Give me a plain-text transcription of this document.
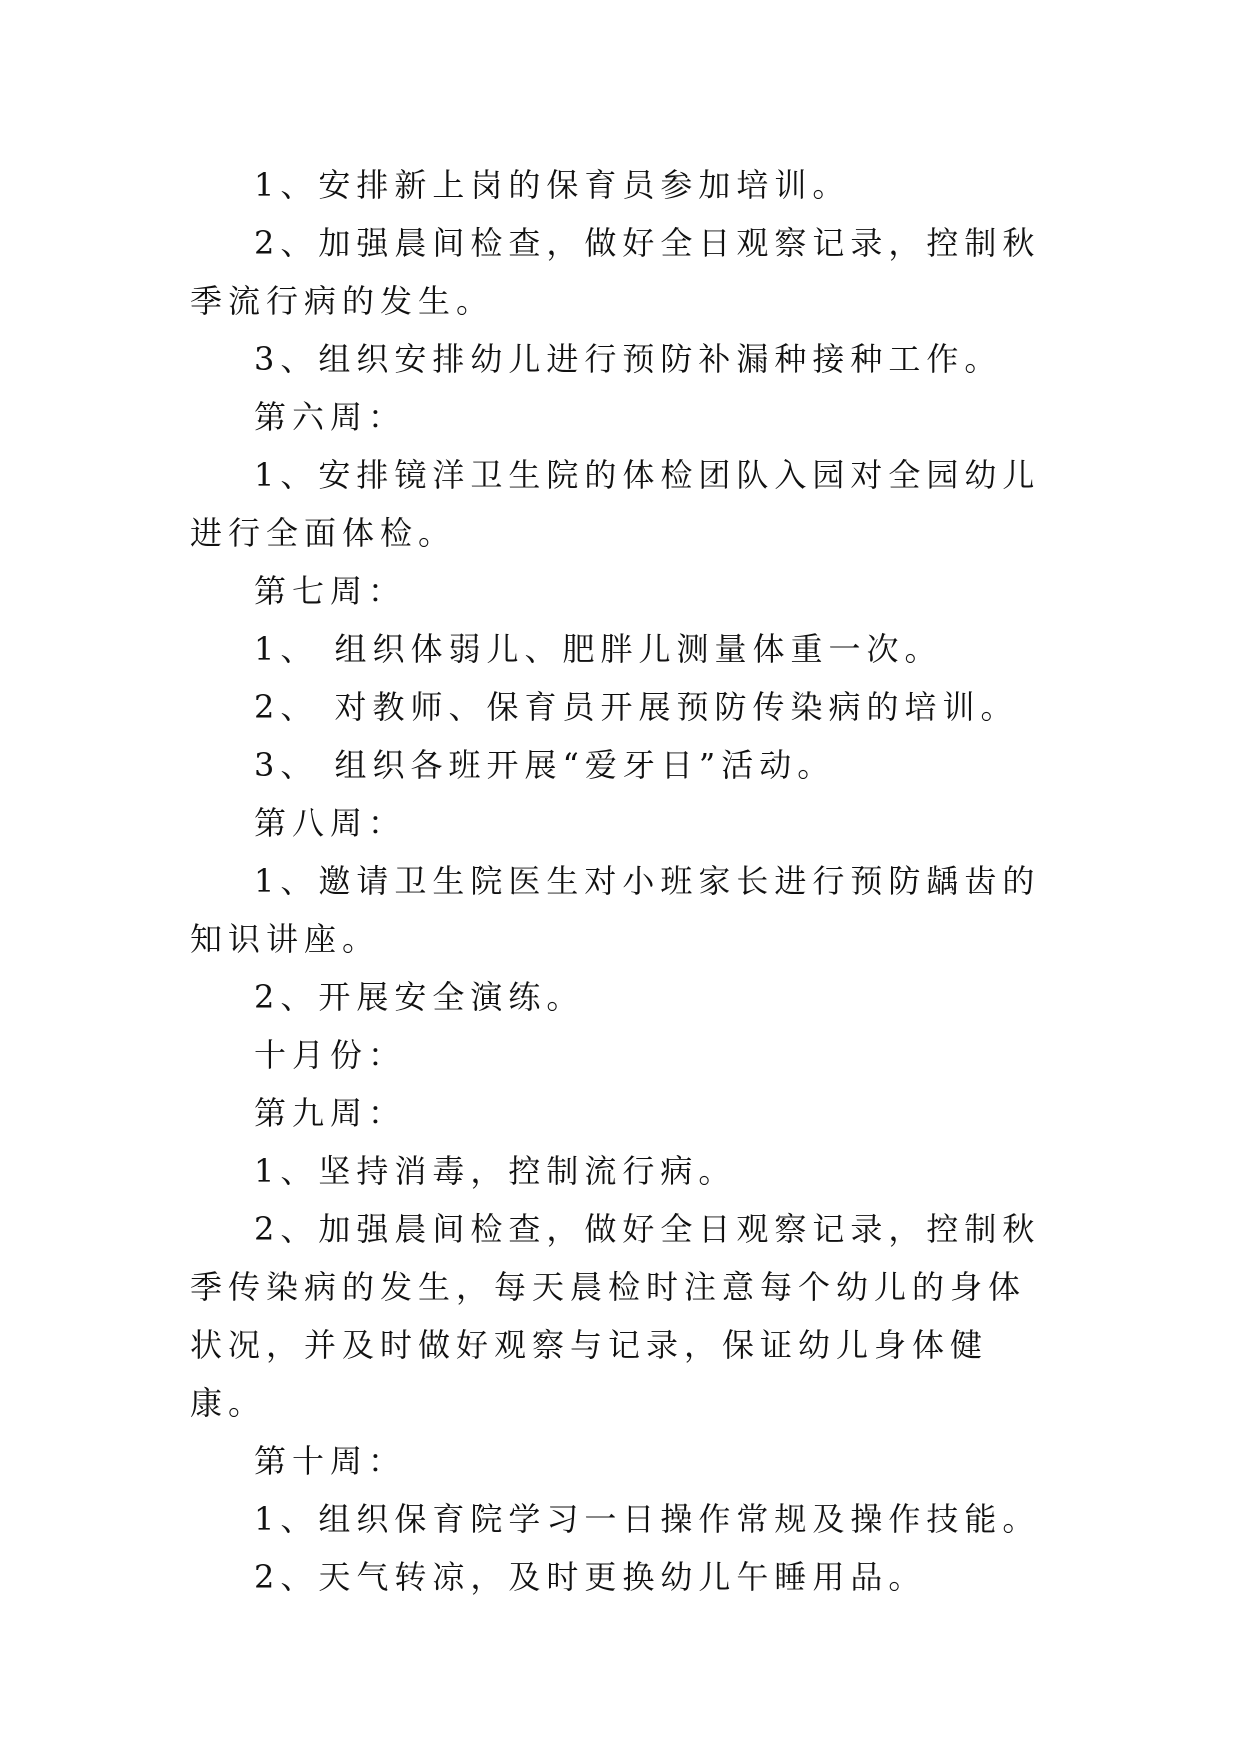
1、安排新上岗的保育员参加培训。

2、加强晨间检查，做好全日观察记录，控制秋季流行病的发生。

3、组织安排幼儿进行预防补漏种接种工作。

第六周：

1、安排镜洋卫生院的体检团队入园对全园幼儿进行全面体检。

第七周：

1、 组织体弱儿、肥胖儿测量体重一次。

2、 对教师、保育员开展预防传染病的培训。

3、 组织各班开展“爱牙日”活动。

第八周：

1、邀请卫生院医生对小班家长进行预防龋齿的知识讲座。

2、开展安全演练。

十月份：

第九周：

1、坚持消毒，控制流行病。

2、加强晨间检查，做好全日观察记录，控制秋季传染病的发生，每天晨检时注意每个幼儿的身体状况，并及时做好观察与记录，保证幼儿身体健康。

第十周：

1、组织保育院学习一日操作常规及操作技能。

2、天气转凉，及时更换幼儿午睡用品。
